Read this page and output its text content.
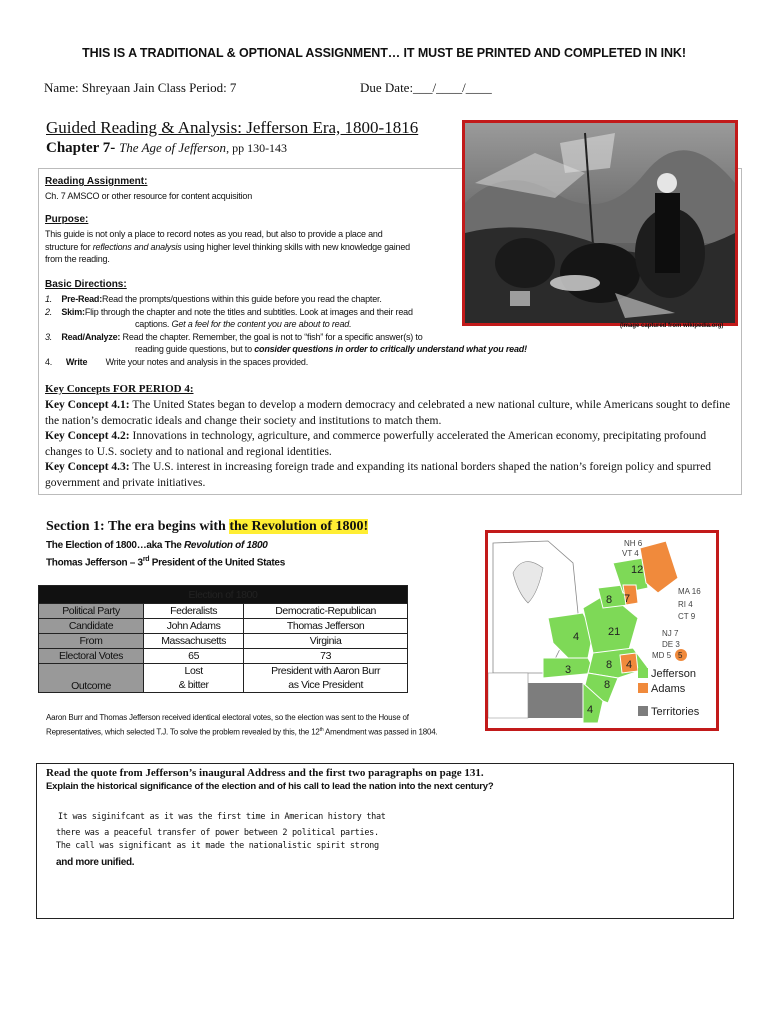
THIS IS A TRADITIONAL & OPTIONAL ASSIGNMENT… IT MUST BE PRINTED AND COMPLETED IN INK!
Name: Shreyaan Jain Class Period: 7	Due Date:___/____/____
Guided Reading & Analysis: Jefferson Era, 1800-1816
Chapter 7- The Age of Jefferson, pp 130-143
(Image captured from wikipedia.org)
Reading Assignment:
Ch. 7 AMSCO or other resource for content acquisition
Purpose:
This guide is not only a place to record notes as you read, but also to provide a place and
structure for reflections and analysis using higher level thinking skills with new knowledge gained
from the reading.
Basic Directions:
1. Pre-Read:Read the prompts/questions within this guide before you read the chapter.
2. Skim:Flip through the chapter and note the titles and subtitles. Look at images and their read
captions. Get a feel for the content you are about to read.
3. Read/Analyze: Read the chapter. Remember, the goal is not to “fish” for a specific answer(s) to
reading guide questions, but to consider questions in order to critically understand what you read!
4. Write Write your notes and analysis in the spaces provided.
Key Concepts FOR PERIOD 4:
Key Concept 4.1: The United States began to develop a modern democracy and celebrated a new national culture, while Americans sought to define the nation’s democratic ideals and change their society and institutions to match them.
Key Concept 4.2: Innovations in technology, agriculture, and commerce powerfully accelerated the American economy, precipitating profound changes to U.S. society and to national and regional identities.
Key Concept 4.3: The U.S. interest in increasing foreign trade and expanding its national borders shaped the nation’s foreign policy and spurred government and private initiatives.
Section 1: The era begins with the Revolution of 1800!
The Election of 1800…aka The Revolution of 1800
Thomas Jefferson – 3rd President of the United States
Election of 1800		
Political Party	Federalists	Democratic-Republican
Candidate	John Adams	Thomas Jefferson
From	Massachusetts	Virginia
Electoral Votes	65	73
Outcome	Lost
& bitter	President with Aaron Burr
as Vice President
12
8 7
21
4
3	8 4
8
4
NH 6
VT 4
MA 16
RI 4
CT 9
NJ 7
DE 3
MD 5 5
Jefferson
Adams
Territories
Aaron Burr and Thomas Jefferson received identical electoral votes, so the election was sent to the House of Representatives, which selected T.J. To solve the problem revealed by this, the 12th Amendment was passed in 1804.
Read the quote from Jefferson’s inaugural Address and the first two paragraphs on page 131.
Explain the historical significance of the election and of his call to lead the nation into the next century?
It was siginifcant as it was the first time in American history that
there was a peaceful transfer of power between 2 political parties.
The call was significant as it made the nationalistic spirit strong
and more unified.
